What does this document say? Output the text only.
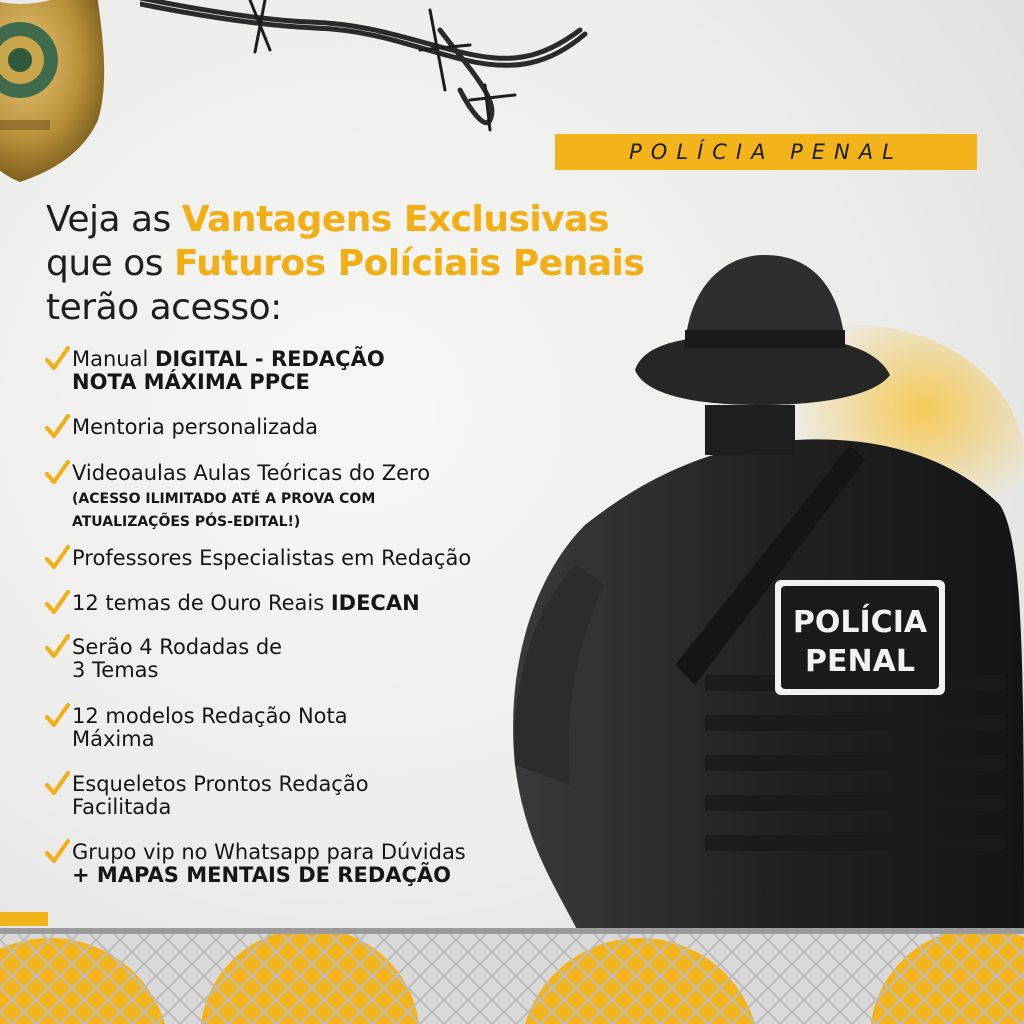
POLÍCIA PENAL
Veja as Vantagens Exclusivas
que os Futuros Políciais Penais
terão acesso:
POLÍCIA
PENAL
Manual DIGITAL - REDAÇÃO
NOTA MÁXIMA PPCE
Mentoria personalizada
Videoaulas Aulas Teóricas do Zero
(ACESSO ILIMITADO ATÉ A PROVA COM
ATUALIZAÇÕES PÓS-EDITAL!)
Professores Especialistas em Redação
12 temas de Ouro Reais IDECAN
Serão 4 Rodadas de
3 Temas
12 modelos Redação Nota
Máxima
Esqueletos Prontos Redação
Facilitada
Grupo vip no Whatsapp para Dúvidas
+ MAPAS MENTAIS DE REDAÇÃO
